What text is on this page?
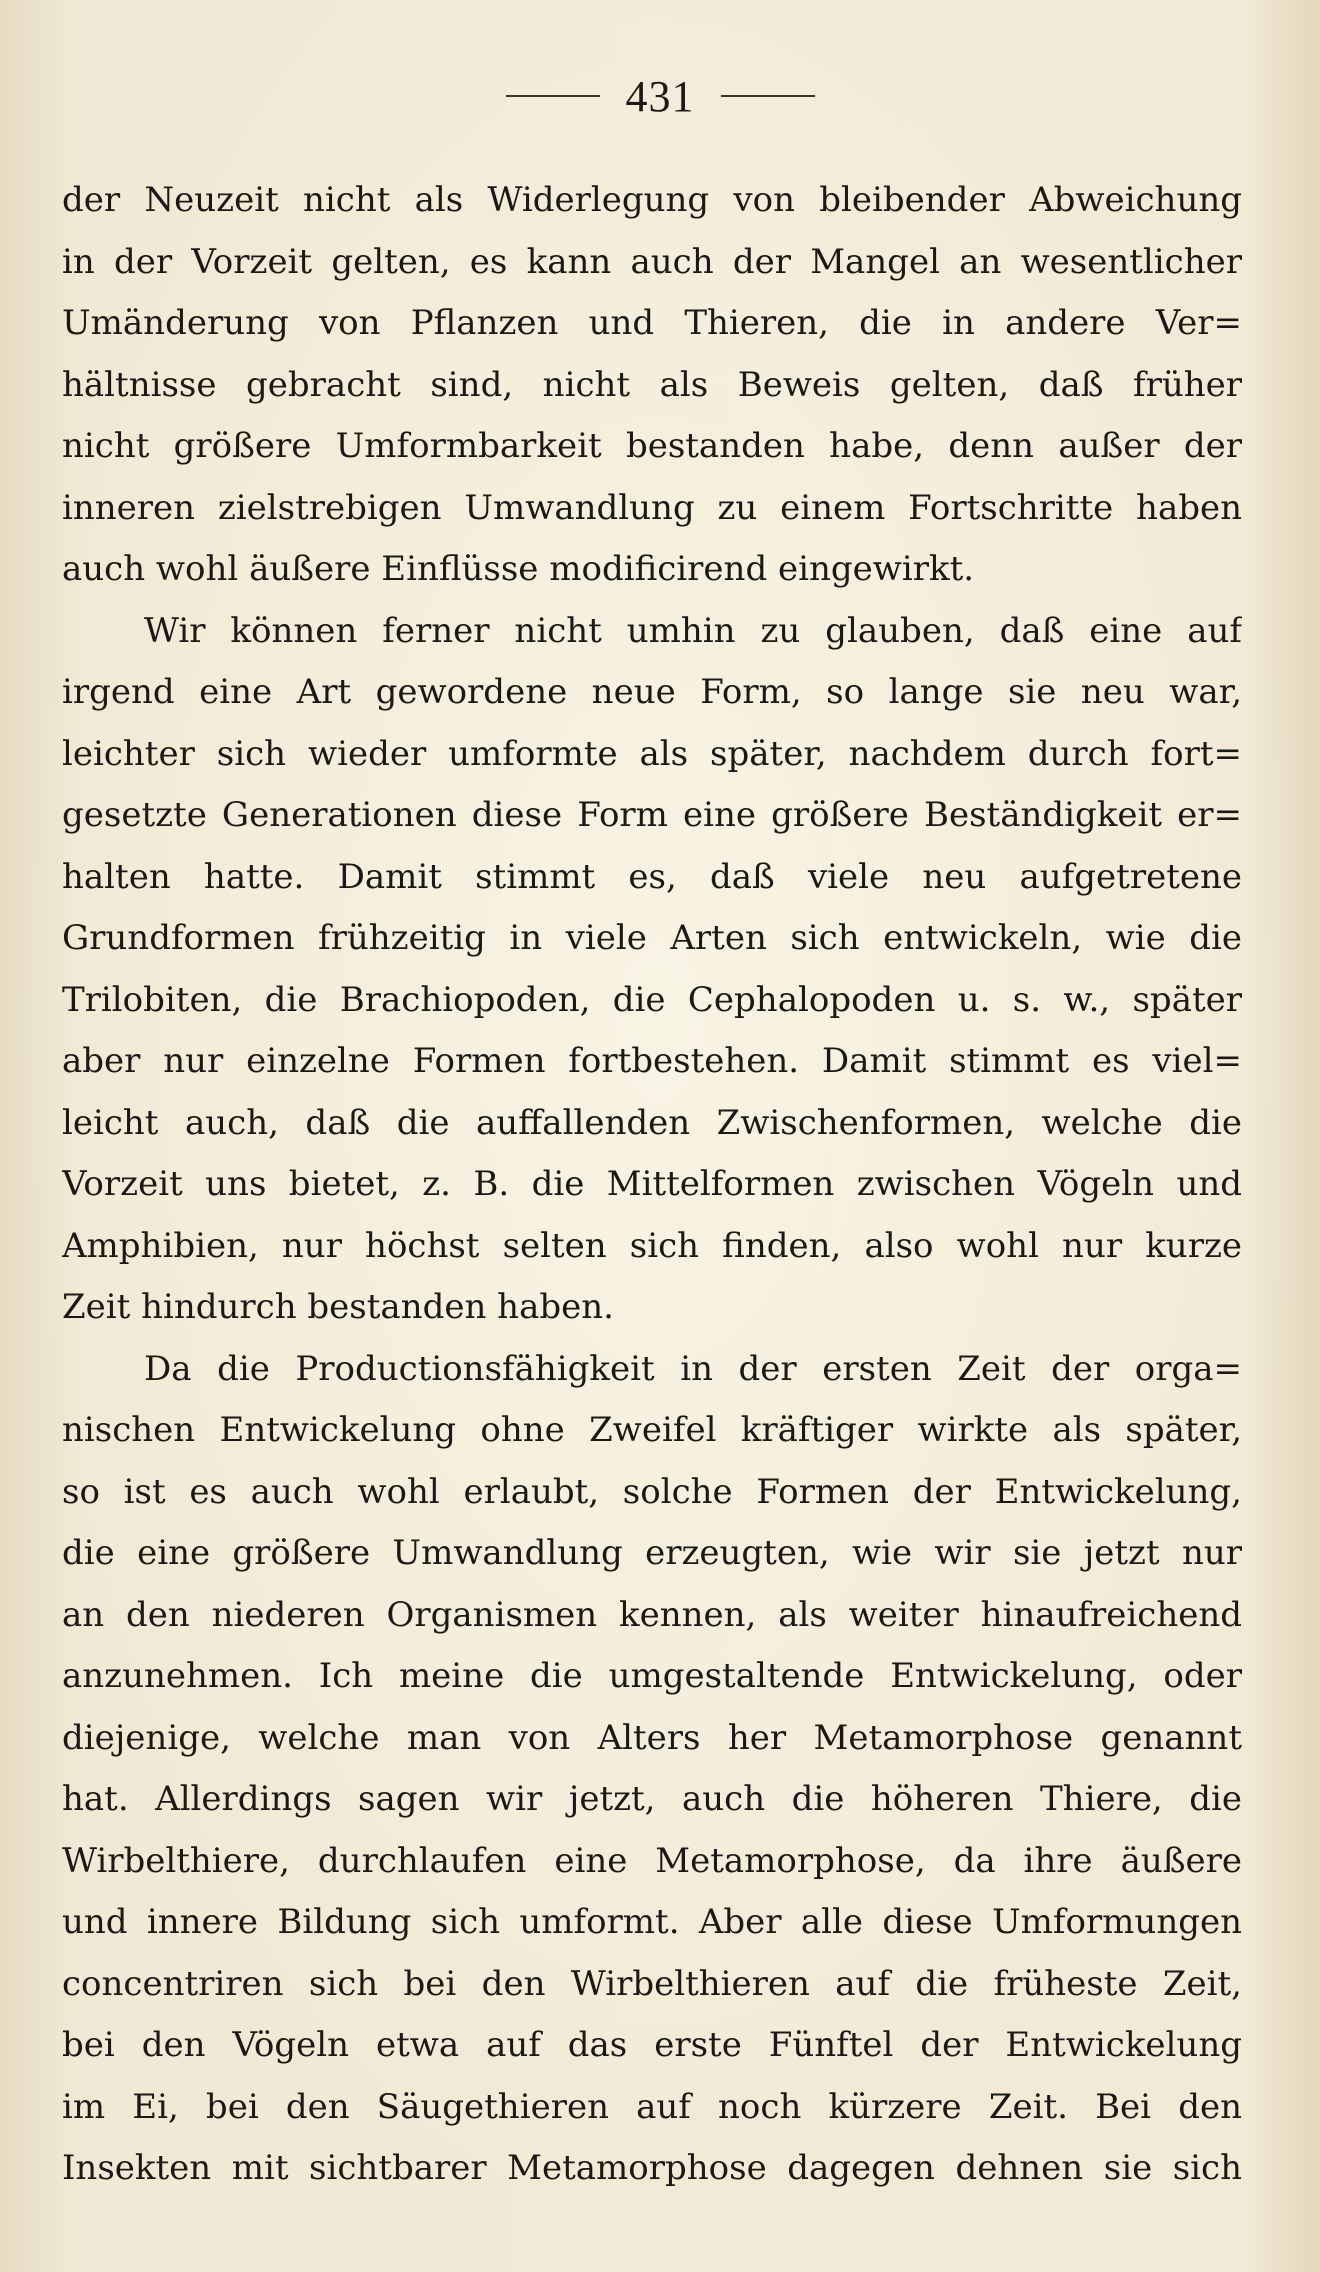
431
der Neuzeit nicht als Widerlegung von bleibender Abweichung
in der Vorzeit gelten, es kann auch der Mangel an wesentlicher
Umänderung von Pflanzen und Thieren, die in andere Ver=
hältnisse gebracht sind, nicht als Beweis gelten, daß früher
nicht größere Umformbarkeit bestanden habe, denn außer der
inneren zielstrebigen Umwandlung zu einem Fortschritte haben
auch wohl äußere Einflüsse modificirend eingewirkt.
Wir können ferner nicht umhin zu glauben, daß eine auf
irgend eine Art gewordene neue Form, so lange sie neu war,
leichter sich wieder umformte als später, nachdem durch fort=
gesetzte Generationen diese Form eine größere Beständigkeit er=
halten hatte. Damit stimmt es, daß viele neu aufgetretene
Grundformen frühzeitig in viele Arten sich entwickeln, wie die
Trilobiten, die Brachiopoden, die Cephalopoden u. s. w., später
aber nur einzelne Formen fortbestehen. Damit stimmt es viel=
leicht auch, daß die auffallenden Zwischenformen, welche die
Vorzeit uns bietet, z. B. die Mittelformen zwischen Vögeln und
Amphibien, nur höchst selten sich finden, also wohl nur kurze
Zeit hindurch bestanden haben.
Da die Productionsfähigkeit in der ersten Zeit der orga=
nischen Entwickelung ohne Zweifel kräftiger wirkte als später,
so ist es auch wohl erlaubt, solche Formen der Entwickelung,
die eine größere Umwandlung erzeugten, wie wir sie jetzt nur
an den niederen Organismen kennen, als weiter hinaufreichend
anzunehmen. Ich meine die umgestaltende Entwickelung, oder
diejenige, welche man von Alters her Metamorphose genannt
hat. Allerdings sagen wir jetzt, auch die höheren Thiere, die
Wirbelthiere, durchlaufen eine Metamorphose, da ihre äußere
und innere Bildung sich umformt. Aber alle diese Umformungen
concentriren sich bei den Wirbelthieren auf die früheste Zeit,
bei den Vögeln etwa auf das erste Fünftel der Entwickelung
im Ei, bei den Säugethieren auf noch kürzere Zeit. Bei den
Insekten mit sichtbarer Metamorphose dagegen dehnen sie sich
